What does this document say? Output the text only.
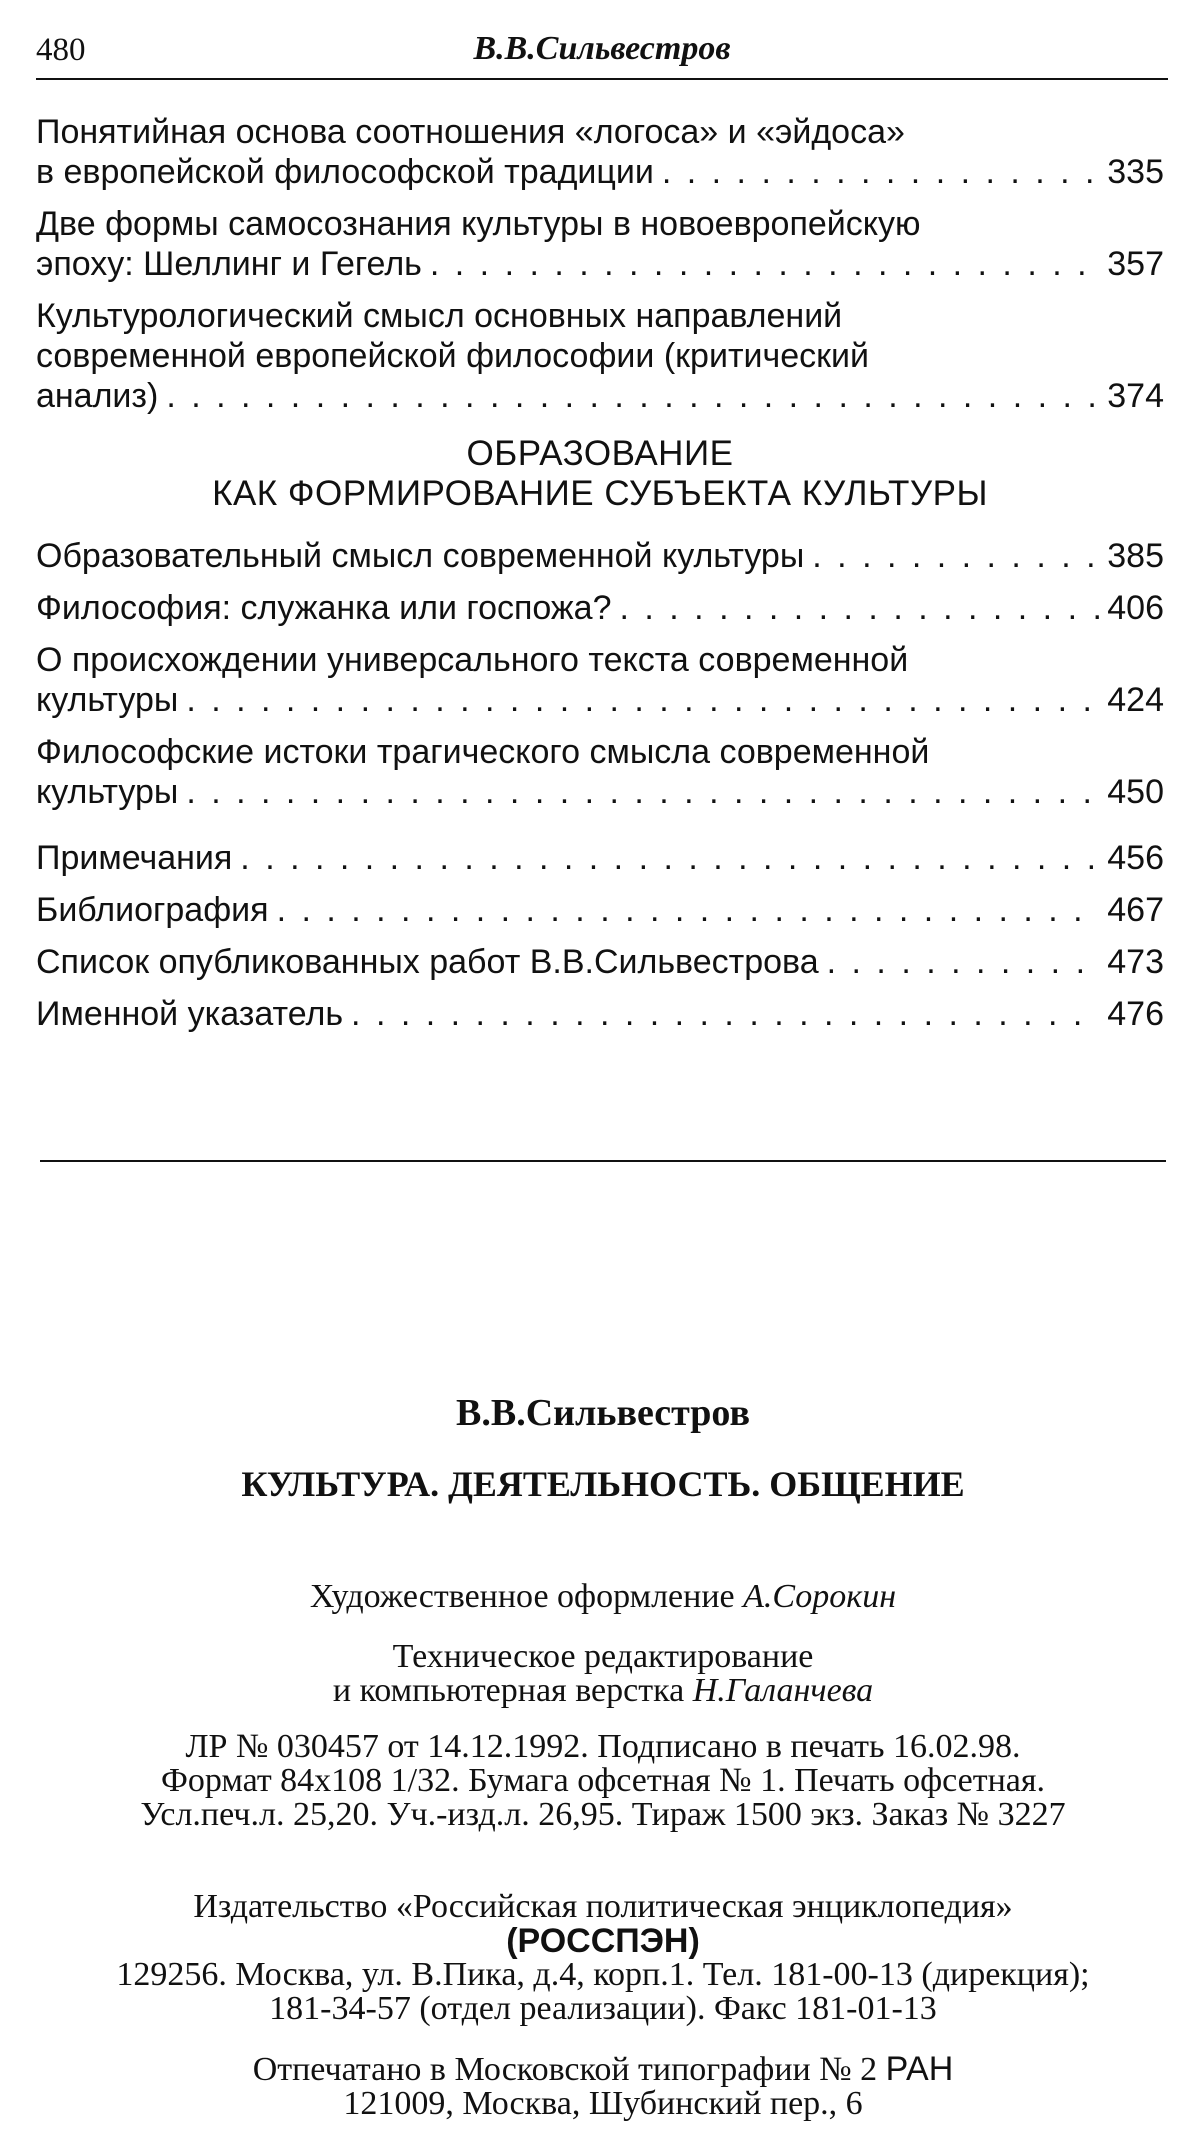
480	В.В.Сильвестров
Понятийная основа соотношения «логоса» и «эйдоса»
в европейской философской традиции . . .	335
Две формы самосознания культуры в новоевропейскую
эпоху: Шеллинг и Гегель . . .	357
Культурологический смысл основных направлений
современной европейской философии (критический
анализ) . . .	374
ОБРАЗОВАНИЕ
КАК ФОРМИРОВАНИЕ СУБЪЕКТА КУЛЬТУРЫ
Образовательный смысл современной культуры . . .	385
Философия: служанка или госпожа? . . .	406
О происхождении универсального текста современной
культуры . . .	424
Философские истоки трагического смысла современной
культуры . . .	450
Примечания . . .	456
Библиография . . .	467
Список опубликованных работ В.В.Сильвестрова . . .	473
Именной указатель . . .	476
В.В.Сильвестров
КУЛЬТУРА. ДЕЯТЕЛЬНОСТЬ. ОБЩЕНИЕ
Художественное оформление А.Сорокин
Техническое редактирование
и компьютерная верстка Н.Галанчева
ЛР № 030457 от 14.12.1992. Подписано в печать 16.02.98.
Формат 84x108 1/32. Бумага офсетная № 1. Печать офсетная.
Усл.печ.л. 25,20. Уч.-изд.л. 26,95. Тираж 1500 экз. Заказ № 3227
Издательство «Российская политическая энциклопедия»
(РОССПЭН)
129256. Москва, ул. В.Пика, д.4, корп.1. Тел. 181-00-13 (дирекция);
181-34-57 (отдел реализации). Факс 181-01-13
Отпечатано в Московской типографии № 2 РАН
121009, Москва, Шубинский пер., 6
